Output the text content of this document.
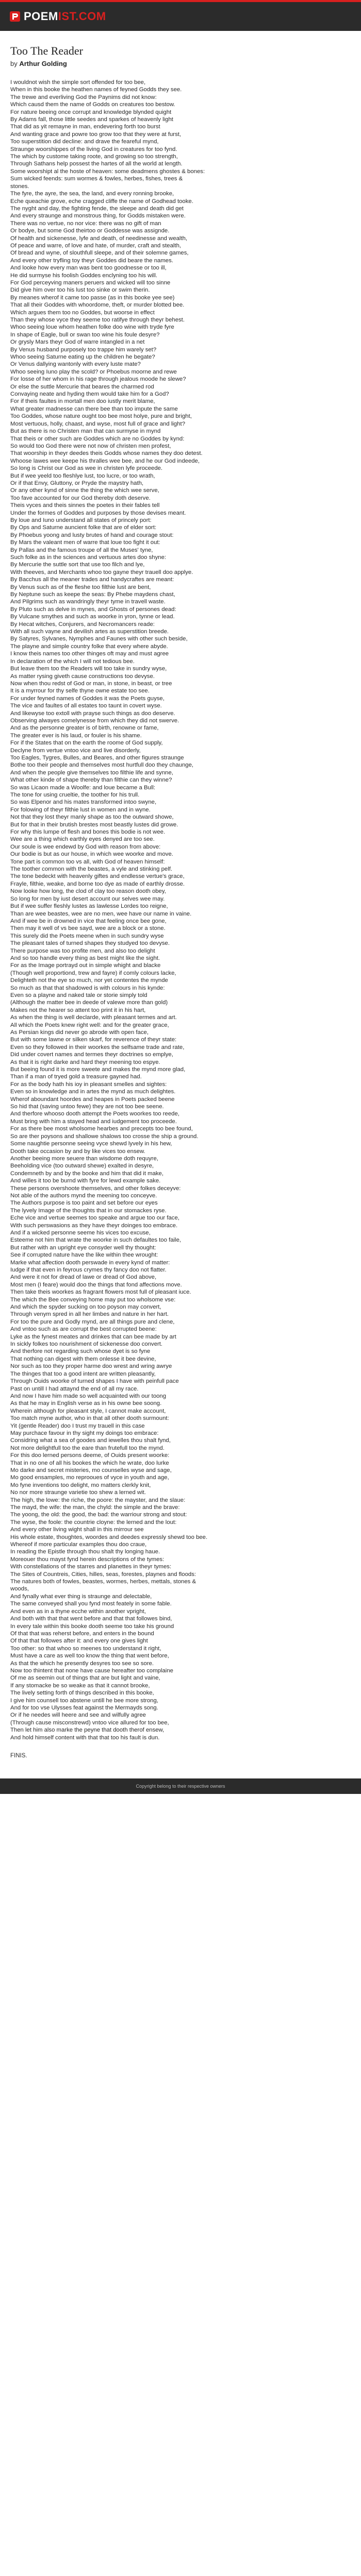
POEM IST.COM
Too The Reader

by Arthur Golding

I wouldnot wish the simple sort offended for too bee,
When in this booke the heathen names of feyned Godds they see.
The trewe and everliving God the Paynims did not know:
Which causd them the name of Godds on creatures too bestow.
For nature beeing once corrupt and knowledge blynded quight
By Adams fall, those little seedes and sparkes of heavenly light
That did as yit remayne in man, endevering forth too burst
And wanting grace and powre too grow too that they were at furst,
Too superstition did decline: and drave the feareful mynd,
Straunge woorshippes of the living God in creatures for too fynd.
The which by custome taking roote, and growing so too strength,
Through Sathans help possest the hartes of all the world at length.
Some woorshipt al the hoste of heaven: some deadmens ghostes & bones:
Sum wicked feends: sum wormes & fowles, herbes, fishes, trees &
stones.
The fyre, the ayre, the sea, the land, and every ronning brooke,
Eche queachie grove, eche cragged cliffe the name of Godhead tooke.
The nyght and day, the fighting fende, the sleepe and death did get
And every straunge and monstrous thing, for Godds mistaken were.
There was no vertue, no nor vice: there was no gift of man
Or bodye, but some God theirtoo or Goddesse was assignde.
Of health and sickenesse, lyfe and death, of needinesse and wealth,
Of peace and warre, of love and hate, of murder, craft and stealth,
Of bread and wyne, of slouthfull sleepe, and of their solemne games,
And every other tryfling toy theyr Goddes did beare the names.
And looke how every man was bent too goodnesse or too ill,
He did surmyse his foolish Goddes enclyning too his will.
For God perceyving maners peruers and wicked will too sinne
Did give him over too his lust too sinke or swim therin.
By meanes wherof it came too passe (as in this booke yee see)
That all their Goddes with whoordome, theft, or murder blotted bee.
Which argues them too no Goddes, but woorse in effect
Than they whose vyce they seeme too ratifye through theyr behest.
Whoo seeing loue whom heathen folke doo wine with tryde fyre
In shape of Eagle, bull or swan too wine his foule desyre?
Or grysly Mars theyr God of warre intangled in a net
By Venus husband purposely too trappe him warely set?
Whoo seeing Saturne eating up the children he begate?
Or Venus dallying wantonly with every luste mate?
Whoo seeing Iuno play the scold? or Phoebus moorne and rewe
For losse of her whom in his rage through jealous moode he slewe?
Or else the suttle Mercurie that beares the charmed rod
Convaying neate and hyding them would take him for a God?
For if theis faultes in mortall men doo iustly merit blame,
What greater madnesse can there bee than too impute the same
Too Goddes, whose nature ought too bee most holye, pure and bright,
Most vertuous, holly, chaast, and wyse, most full of grace and light?
But as there is no Christen man that can surmyse in mynd
That theis or other such are Goddes which are no Goddes by kynd:
So would too God there were not now of christen men profest,
That woorship in theyr deedes theis Godds whose names they doo detest.
Whoose lawes wee keepe his thralles wee bee, and he our God indeede,
So long is Christ our God as wee in christen lyfe proceede.
But if wee yeeld too fleshlye lust, too lucre, or too wrath,
Or if that Envy, Gluttony, or Pryde the maystry hath,
Or any other kynd of sinne the thing the which wee serve,
Too fave accounted for our God thereby doth deserve.
Theis vyces and theis sinnes the poetes in their fables tell
Under the formes of Goddes and purposes by those devises meant.
By loue and Iuno understand all states of princely port:
By Ops and Saturne auncient folke that are of elder sort:
By Phoebus yoong and lusty brutes of hand and courage stout:
By Mars the valeant men of warre that loue too fight it out:
By Pallas and the famous troupe of all the Muses' tyne,
Such folke as in the sciences and vertuous artes doo shyne:
By Mercurie the suttle sort that use too filch and lye,
With theeves, and Merchants whoo too gayne theyr trauell doo applye.
By Bacchus all the meaner trades and handycraftes are meant:
By Venus such as of the fleshe too filthie lust are bent,
By Neptune such as keepe the seas: By Phebe maydens chast,
And Pilgrims such as wandringly theyr tyme in travell waste.
By Pluto such as delve in mynes, and Ghosts of persones dead:
By Vulcane smythes and such as woorke in yron, tynne or lead.
By Hecat witches, Conjurers, and Necromancers reade:
With all such vayne and devilish artes as superstition breede.
By Satyres, Sylvanes, Nymphes and Faunes with other such beside,
The playne and simple country folke that every where abyde.
I know theis names too other thinges oft may and must agree
In declaration of the which I will not tedious bee.
But leave them too the Readers will too take in sundry wyse,
As matter rysing giveth cause constructions too devyse.
Now when thou redst of God or man, in stone, in beast, or tree
It is a myrrour for thy selfe thyne owne estate too see.
For under feyned names of Goddes it was the Poets guyse,
The vice and faultes of all estates too taunt in covert wyse.
And likewyse too extoll with prayse such things as doo deserve.
Observing alwayes comelynesse from which they did not swerve.
And as the personne greater is of birth, renowne or fame,
The greater ever is his laud, or fouler is his shame.
For if the States that on the earth the roome of God supply,
Declyne from vertue vntoo vice and live disorderly,
Too Eagles, Tygres, Bulles, and Beares, and other figures straunge
Bothe too their people and themselves most hurtfull doo they chaunge,
And when the people give themselves too filthie life and synne,
What other kinde of shape thereby than filthie can they winne?
So was Licaon made a Woolfe: and loue became a Bull:
The tone for using crueltie, the toother for his trull.
So was Elpenor and his mates transformed intoo swyne,
For folowing of theyr filthie lust in women and in wyne.
Not that they lost theyr manly shape as too the outward showe,
But for that in their brutish brestes most beastly lustes did growe.
For why this lumpe of flesh and bones this bodie is not wee.
Wee are a thing which earthly eyes denyed are too see.
Our soule is wee endewd by God with reason from above:
Our bodie is but as our house, in which wee woorke and move.
Tone part is common too vs all, with God of heaven himself:
The toother common with the beastes, a vyle and stinking pelf.
The tone bedeckt with heavenly giftes and endlesse vertue's grace,
Frayle, filthie, weake, and borne too dye as made of earthly drosse.
Now looke how long, the clod of clay too reason dooth obey,
So long for men by iust desert account our selves wee may.
But if wee suffer fleshly lustes as lawlesse Lordes too reigne,
Than are wee beastes, wee are no men, wee have our name in vaine.
And if wee be in drowned in vice that feeling once bee gone,
Then may it well of vs bee sayd, wee are a block or a stone.
This surely did the Poets meene when in such sundry wyse
The pleasant tales of turned shapes they studyed too devyse.
There purpose was too profite men, and also too delight
And so too handle every thing as best might like the sight.
For as the Image portrayd out in simple whight and blacke
(Though well proportiond, trew and fayre) if comly colours lacke,
Delighteth not the eye so much, nor yet contentes the mynde
So much as that that shadowed is with colours in his kynde:
Even so a playne and naked tale or storie simply told
(Although the matter bee in deede of valewe more than gold)
Makes not the hearer so attent too print it in his hart,
As when the thing is well declarde, with pleasant termes and art.
All which the Poets knew right well: and for the greater grace,
As Persian kings did never go abrode with open face,
But with some lawne or silken skarf, for reverence of theyr state:
Even so they followed in their woorkes the selfsame trade and rate,
Did under covert names and termes theyr doctrines so emplye,
As that it is right darke and hard theyr meening too espye.
But beeing found it is more sweete and makes the mynd more glad,
Than if a man of tryed gold a treasure gayned had.
For as the body hath his ioy in pleasant smelles and sightes:
Even so in knowledge and in artes the mynd as much delightes.
Wherof aboundant hoordes and heapes in Poets packed beene
So hid that (saving untoo fewe) they are not too bee seene.
And therfore whooso dooth attempt the Poets woorkes too reede,
Must bring with him a stayed head and iudgement too proceede.
For as there bee most wholsome hearbes and precepts too bee found,
So are ther poysons and shallowe shalows too crosse the ship a ground.
Some naughtie personne seeing vyce shewd lyvely in his hew,
Dooth take occasion by and by like vices too ensew.
Another beeing more seuere than wisdome doth requyre,
Beeholding vice (too outward shewe) exalted in desyre,
Condemneth by and by the booke and him that did it make,
And willes it too be burnd with fyre for lewd example sake.
These persons overshoote themselves, and other folkes deceyve:
Not able of the authors mynd the meening too conceyve.
The Authors purpose is too paint and set before our eyes
The lyvely Image of the thoughts that in our stomackes ryse.
Eche vice and vertue seemes too speake and argue too our face,
With such perswasions as they have theyr doinges too embrace.
And if a wicked personne seeme his vices too excuse,
Esteeme not him that wrate the woorke in such defaultes too faile,
But rather with an upright eye consyder well thy thought:
See if corrupted nature have the like within thee wrought:
Marke what affection dooth perswade in every kynd of matter:
Iudge if that even in feyrous crymes thy fancy doo not flatter.
And were it not for dread of lawe or dread of God above,
Most men (I feare) would doo the things that fond affections move.
Then take theis woorkes as fragrant flowers most full of pleasant iuce.
The which the Bee conveying home may put too wholsome vse:
And which the spyder sucking on too poyson may convert,
Through venym spred in all her limbes and nature in her hart.
For too the pure and Godly mynd, are all things pure and clene,
And vntoo such as are corrupt the best corrupted beene:
Lyke as the fynest meates and drinkes that can bee made by art
In sickly folkes too nourishment of sickenesse doo convert.
And therfore not regarding such whose dyet is so fyne
That nothing can digest with them onlesse it bee devine,
Nor such as too they proper harme doo wrest and wring awrye
The thinges that too a good intent are written pleasantly,
Through Ouids woorke of turned shapes I have with peinfull pace
Past on untill I had attaynd the end of all my race.
And now I have him made so well acquainted with our toong
As that he may in English verse as in his owne bee soong.
Wherein although for pleasant style, I cannot make account,
Too match myne author, who in that all other dooth surmount:
Yit (gentle Reader) doo I trust my trauell in this case
May purchace favour in thy sight my doings too embrace:
Considring what a sea of goodes and iewelles thou shalt fynd,
Not more delightfull too the eare than frutefull too the mynd.
For this doo lerned persons deeme, of Ouids present woorke:
That in no one of all his bookes the which he wrate, doo lurke
Mo darke and secret misteries, mo counselles wyse and sage,
Mo good ensamples, mo reprooues of vyce in youth and age,
Mo fyne inventions too delight, mo matters clerkly knit,
No nor more straunge varietie too shew a lerned wit.
The high, the lowe: the riche, the poore: the mayster, and the slaue:
The mayd, the wife: the man, the chyld: the simple and the brave:
The yoong, the old: the good, the bad: the warriour strong and stout:
The wyse, the foole: the countrie cloyne: the lerned and the lout:
And every other living wight shall in this mirrour see
His whole estate, thoughtes, woordes and deedes expressly shewd too bee.
Whereof if more particular examples thou doo craue,
In reading the Epistle through thou shalt thy longing haue.
Moreouer thou mayst fynd herein descriptions of the tymes:
With constellations of the starres and planettes in theyr tymes:
The Sites of Countreis, Cities, hilles, seas, forestes, playnes and floods:
The natures both of fowles, beastes, wormes, herbes, mettals, stones &
woods,
And fynally what ever thing is straunge and delectable,
The same conveyed shall you fynd most feately in some fable.
And even as in a thyne ecche within another vpright,
And both with that that went before and that that followes bind,
In every tale within this booke dooth seeme too take his ground
Of that that was reherst before, and enters in the bound
Of that that followes after it: and every one gives light
Too other: so that whoo so meenes too understand it right,
Must have a care as well too know the thing that went before,
As that the which he presently desyres too see so sore.
Now too thintent that none have cause hereafter too complaine
Of me as seemin out of things that are but light and vaine,
If any stomacke be so weake as that it cannot brooke,
The lively setting forth of things described in this booke,
I give him counsell too abstene untill he bee more strong,
And for too vse Ulysses feat against the Mermayds song.
Or if he needes will heere and see and wilfully agree
(Through cause misconstrewd) vntoo vice allured for too bee,
Then let him also marke the peyne that dooth therof ensew,
And hold himself content with that that too his fault is dun.

FINIS.

Copyright belong to their respective owners
